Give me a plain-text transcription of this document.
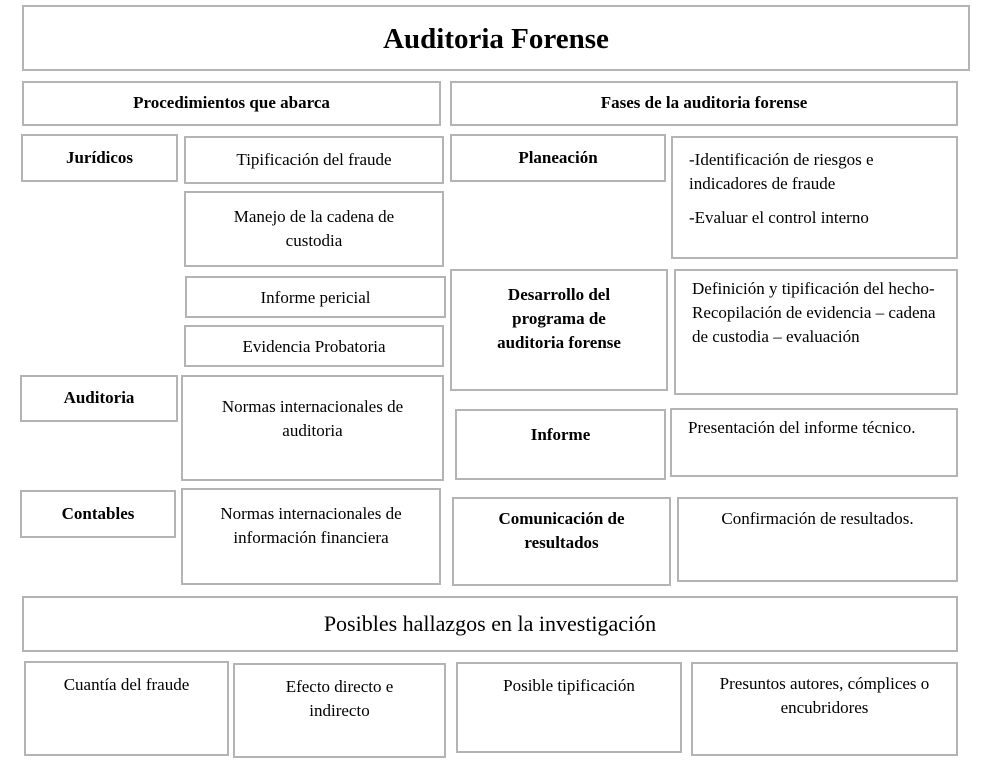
Auditoria Forense
Procedimientos que abarca	Fases de la auditoria forense
Jurídicos	Tipificación del fraude
Manejo de la cadena de custodia
Informe pericial
Evidencia Probatoria
Auditoria	Normas internacionales de auditoria
Contables	Normas internacionales de información financiera
Planeación	-Identificación de riesgos e indicadores de fraude

-Evaluar el control interno

Desarrollo del programa de auditoria forense
Definición y tipificación del hecho- Recopilación de evidencia – cadena de custodia – evaluación
Informe	Presentación del informe técnico.
Comunicación de resultados
Confirmación de resultados.
Posibles hallazgos en la investigación
Cuantía del fraude	Efecto directo e indirecto
Posible tipificación	Presuntos autores, cómplices o encubridores
